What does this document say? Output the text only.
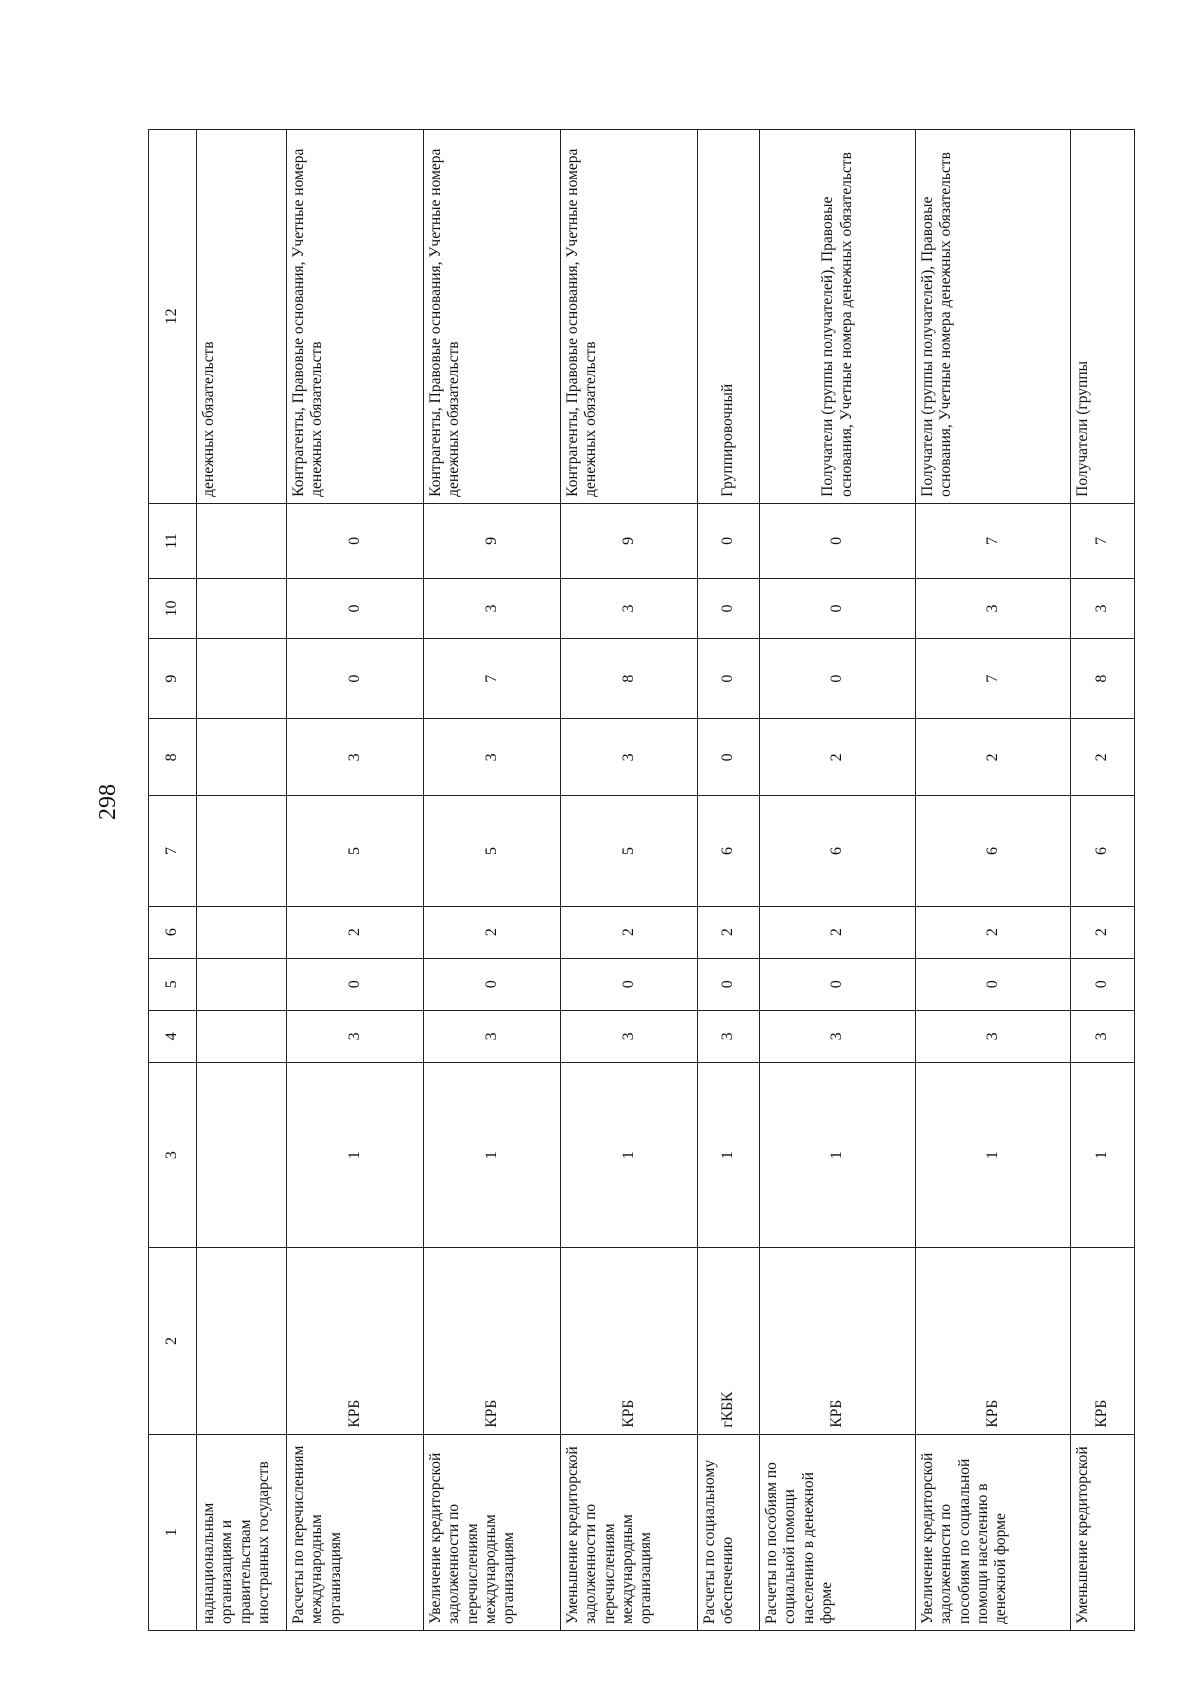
298
1	2	3	4	5	6	7	8	9	10	11	12
наднациональным организациям и правительствам иностранных государств											денежных обязательств
Расчеты по перечислениям международным организациям	КРБ	1	3	0	2	5	3	0	0	0	Контрагенты, Правовые основания, Учетные номера денежных обязательств
Увеличение кредиторской задолженности по перечислениям международным организациям	КРБ	1	3	0	2	5	3	7	3	9	Контрагенты, Правовые основания, Учетные номера денежных обязательств
Уменьшение кредиторской задолженности по перечислениям международным организациям	КРБ	1	3	0	2	5	3	8	3	9	Контрагенты, Правовые основания, Учетные номера денежных обязательств
Расчеты по социальному обеспечению	гКБК	1	3	0	2	6	0	0	0	0	Группировочный
Расчеты по пособиям по социальной помощи населению в денежной форме	КРБ	1	3	0	2	6	2	0	0	0	Получатели (группы получателей), Правовые основания, Учетные номера денежных обязательств
Увеличение кредиторской задолженности по пособиям по социальной помощи населению в денежной форме	КРБ	1	3	0	2	6	2	7	3	7	Получатели (группы получателей), Правовые основания, Учетные номера денежных обязательств
Уменьшение кредиторской	КРБ	1	3	0	2	6	2	8	3	7	Получатели (группы
